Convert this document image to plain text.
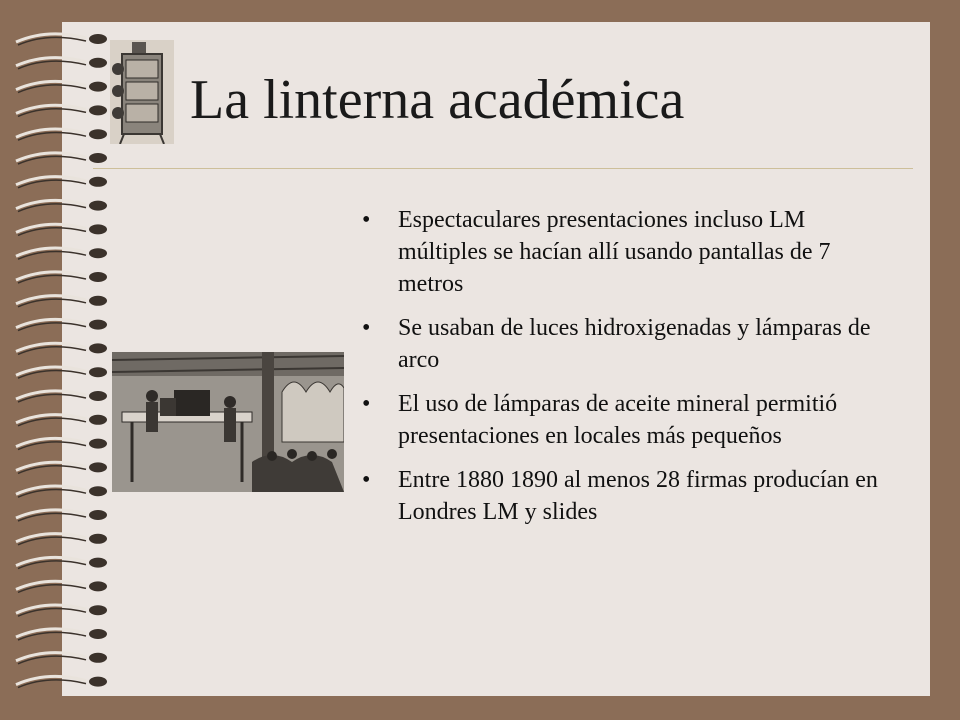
La linterna académica
• Espectaculares presentaciones incluso LM múltiples se hacían allí usando pantallas de 7 metros
• Se usaban de luces hidroxigenadas y lámparas de arco
• El uso de lámparas de aceite mineral permitió presentaciones en locales más pequeños
• Entre 1880 1890 al menos 28 firmas producían en Londres LM y slides
